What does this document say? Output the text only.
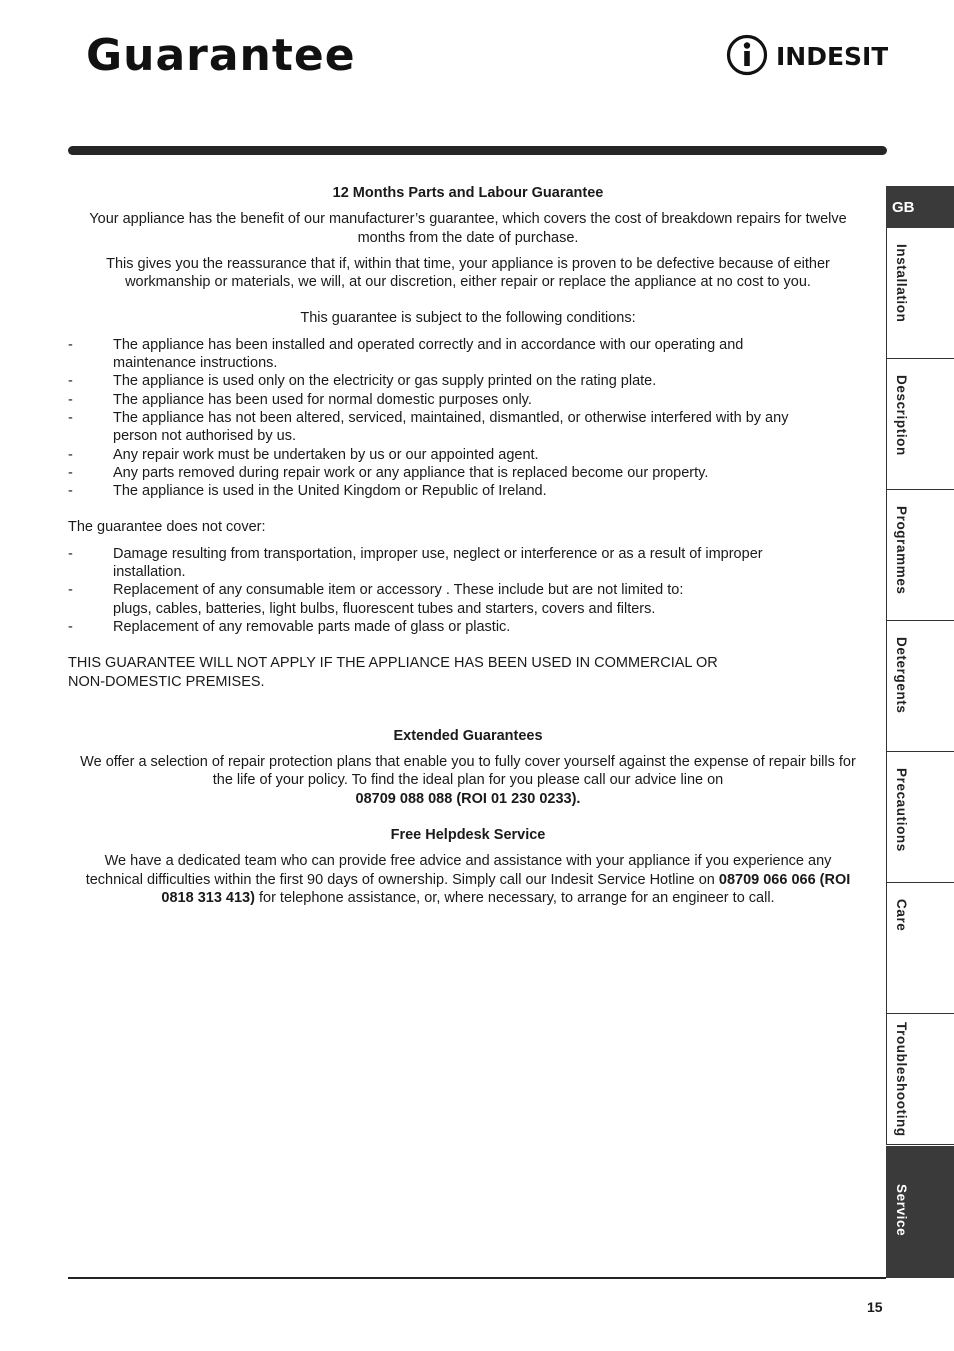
Guarantee	INDESIT
12 Months Parts and Labour Guarantee

Your appliance has the benefit of our manufacturer’s guarantee, which covers the cost of breakdown repairs for twelve months from the date of purchase.

This gives you the reassurance that if, within that time, your appliance is proven to be defective because of either workmanship or materials, we will, at our discretion, either repair or replace the appliance at no cost to you.

This guarantee is subject to the following conditions:

- The appliance has been installed and operated correctly and in accordance with our operating and maintenance instructions.
- The appliance is used only on the electricity or gas supply printed on the rating plate.
- The appliance has been used for normal domestic purposes only.
- The appliance has not been altered, serviced, maintained, dismantled, or otherwise interfered with by any person not authorised by us.
- Any repair work must be undertaken by us or our appointed agent.
- Any parts removed during repair work or any appliance that is replaced become our property.
- The appliance is used in the United Kingdom or Republic of Ireland.

The guarantee does not cover:

- Damage resulting from transportation, improper use, neglect or interference or as a result of improper installation.
- Replacement of any consumable item or accessory . These include but are not limited to:
plugs, cables, batteries, light bulbs, fluorescent tubes and starters, covers and filters.
- Replacement of any removable parts made of glass or plastic.

THIS GUARANTEE WILL NOT APPLY IF THE APPLIANCE HAS BEEN USED IN COMMERCIAL OR
NON-DOMESTIC PREMISES.

Extended Guarantees

We offer a selection of repair protection plans that enable you to fully cover yourself against the expense of repair bills for the life of your policy. To find the ideal plan for you please call our advice line on

08709 088 088 (ROI 01 230 0233).

Free Helpdesk Service

We have a dedicated team who can provide free advice and assistance with your appliance if you experience any technical difficulties within the first 90 days of ownership. Simply call our Indesit Service Hotline on 08709 066 066 (ROI 0818 313 413) for telephone assistance, or, where necessary, to arrange for an engineer to call.

GB
Installation
Description
Programmes
Detergents
Precautions
Care
Troubleshooting
Service
15
